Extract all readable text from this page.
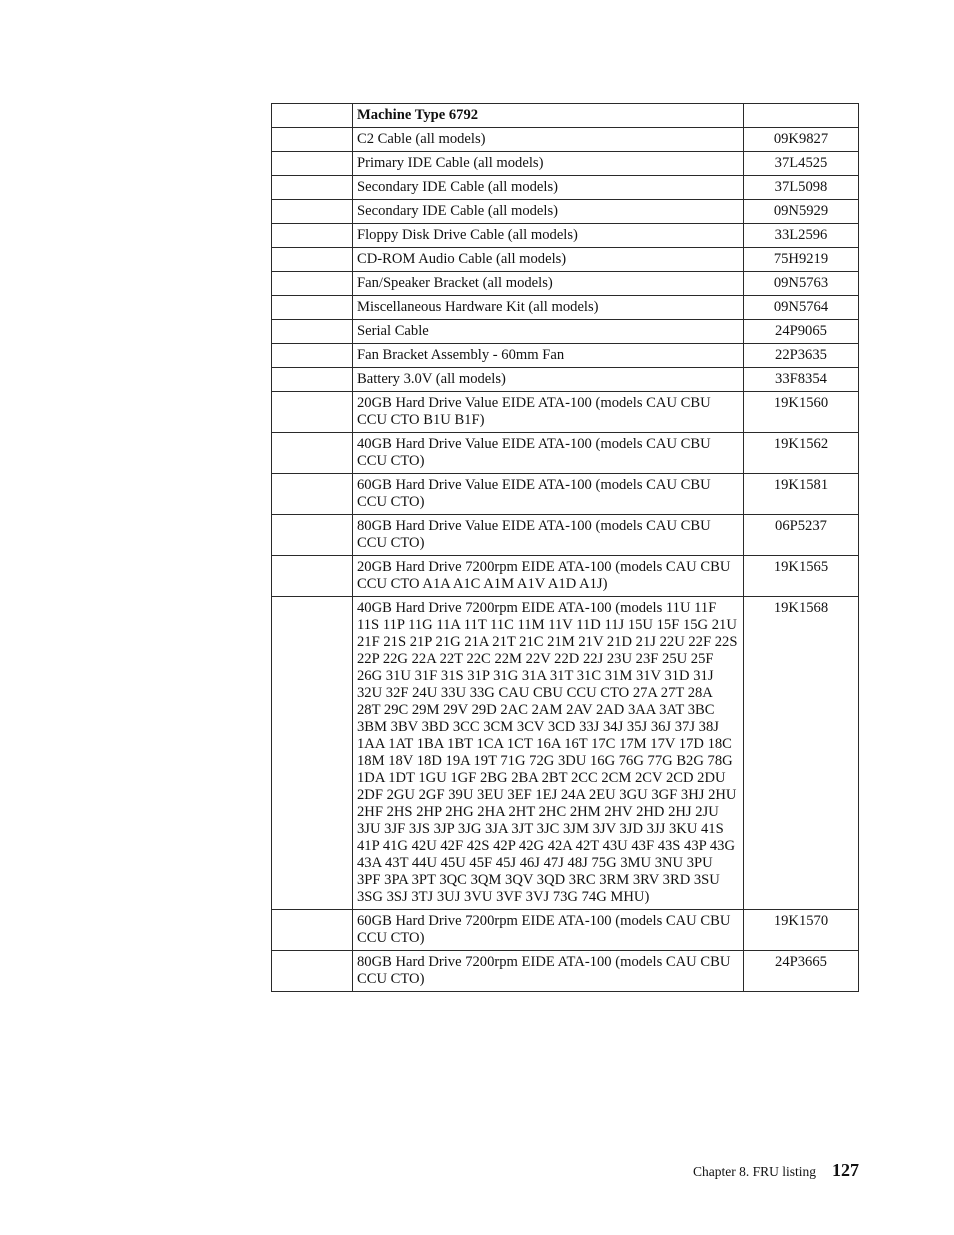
	Machine Type 6792	
	C2 Cable (all models)	09K9827
	Primary IDE Cable (all models)	37L4525
	Secondary IDE Cable (all models)	37L5098
	Secondary IDE Cable (all models)	09N5929
	Floppy Disk Drive Cable (all models)	33L2596
	CD-ROM Audio Cable (all models)	75H9219
	Fan/Speaker Bracket (all models)	09N5763
	Miscellaneous Hardware Kit (all models)	09N5764
	Serial Cable	24P9065
	Fan Bracket Assembly - 60mm Fan	22P3635
	Battery 3.0V (all models)	33F8354
	20GB Hard Drive Value EIDE ATA-100 (models CAU CBU CCU CTO B1U B1F)	19K1560
	40GB Hard Drive Value EIDE ATA-100 (models CAU CBU CCU CTO)	19K1562
	60GB Hard Drive Value EIDE ATA-100 (models CAU CBU CCU CTO)	19K1581
	80GB Hard Drive Value EIDE ATA-100 (models CAU CBU CCU CTO)	06P5237
	20GB Hard Drive 7200rpm EIDE ATA-100 (models CAU CBU CCU CTO A1A A1C A1M A1V A1D A1J)	19K1565
	40GB Hard Drive 7200rpm EIDE ATA-100 (models 11U 11F 11S 11P 11G 11A 11T 11C 11M 11V 11D 11J 15U 15F 15G 21U 21F 21S 21P 21G 21A 21T 21C 21M 21V 21D 21J 22U 22F 22S 22P 22G 22A 22T 22C 22M 22V 22D 22J 23U 23F 25U 25F 26G 31U 31F 31S 31P 31G 31A 31T 31C 31M 31V 31D 31J 32U 32F 24U 33U 33G CAU CBU CCU CTO 27A 27T 28A 28T 29C 29M 29V 29D 2AC 2AM 2AV 2AD 3AA 3AT 3BC 3BM 3BV 3BD 3CC 3CM 3CV 3CD 33J 34J 35J 36J 37J 38J 1AA 1AT 1BA 1BT 1CA 1CT 16A 16T 17C 17M 17V 17D 18C 18M 18V 18D 19A 19T 71G 72G 3DU 16G 76G 77G B2G 78G 1DA 1DT 1GU 1GF 2BG 2BA 2BT 2CC 2CM 2CV 2CD 2DU 2DF 2GU 2GF 39U 3EU 3EF 1EJ 24A 2EU 3GU 3GF 3HJ 2HU 2HF 2HS 2HP 2HG 2HA 2HT 2HC 2HM 2HV 2HD 2HJ 2JU 3JU 3JF 3JS 3JP 3JG 3JA 3JT 3JC 3JM 3JV 3JD 3JJ 3KU 41S 41P 41G 42U 42F 42S 42P 42G 42A 42T 43U 43F 43S 43P 43G 43A 43T 44U 45U 45F 45J 46J 47J 48J 75G 3MU 3NU 3PU 3PF 3PA 3PT 3QC 3QM 3QV 3QD 3RC 3RM 3RV 3RD 3SU 3SG 3SJ 3TJ 3UJ 3VU 3VF 3VJ 73G 74G MHU)	19K1568
	60GB Hard Drive 7200rpm EIDE ATA-100 (models CAU CBU CCU CTO)	19K1570
	80GB Hard Drive 7200rpm EIDE ATA-100 (models CAU CBU CCU CTO)	24P3665
Chapter 8. FRU listing 127
